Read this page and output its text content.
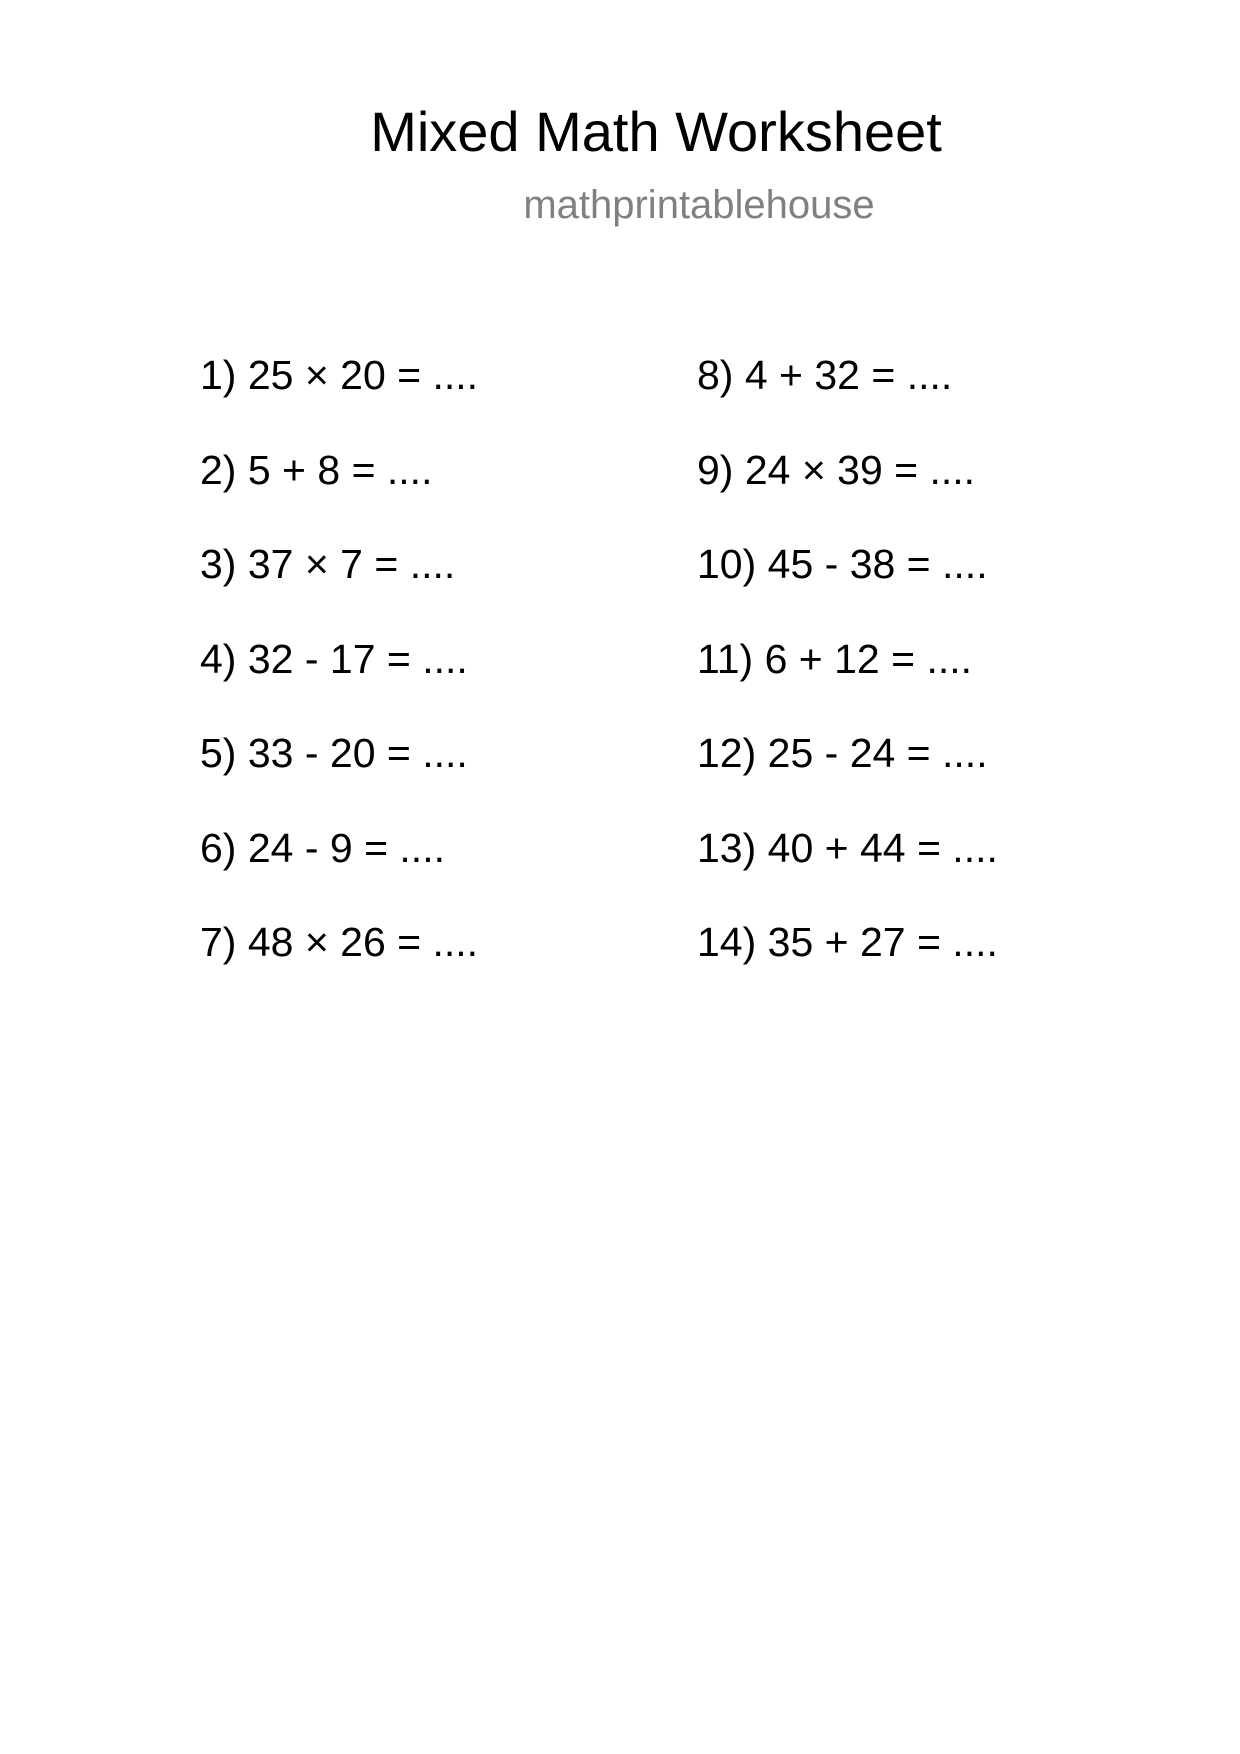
Mixed Math Worksheet
mathprintablehouse
1) 25 × 20 = ....
2) 5 + 8 = ....
3) 37 × 7 = ....
4) 32 - 17 = ....
5) 33 - 20 = ....
6) 24 - 9 = ....
7) 48 × 26 = ....
8) 4 + 32 = ....
9) 24 × 39 = ....
10) 45 - 38 = ....
11) 6 + 12 = ....
12) 25 - 24 = ....
13) 40 + 44 = ....
14) 35 + 27 = ....
